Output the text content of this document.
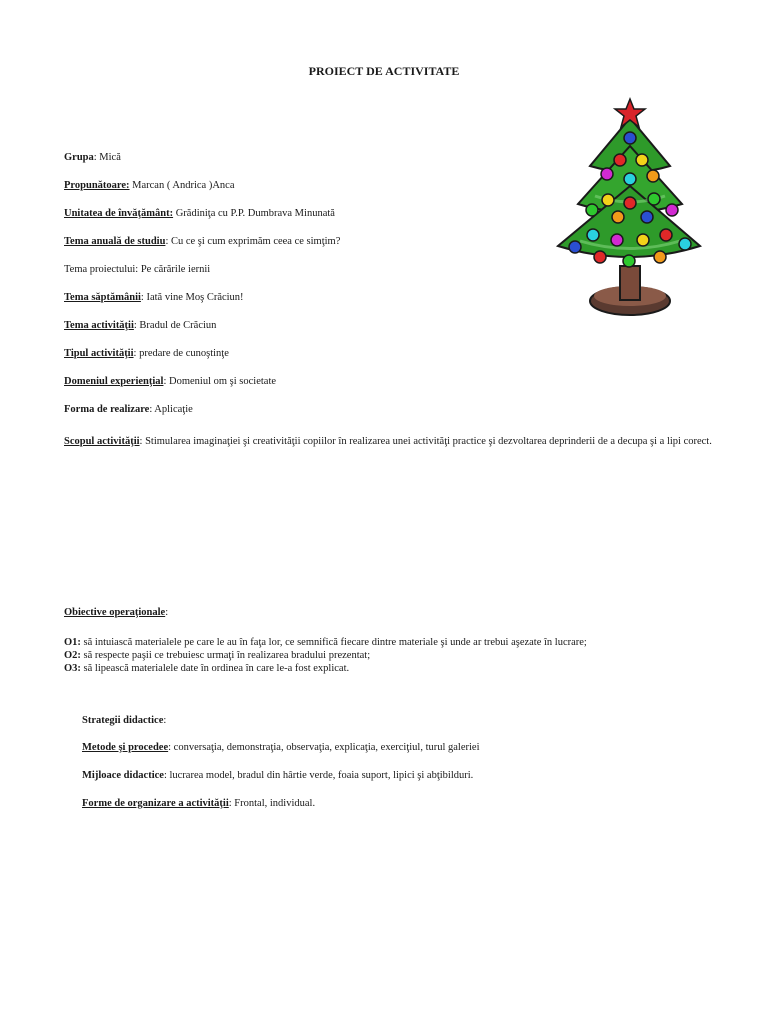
PROIECT DE ACTIVITATE
Grupa: Mică
Propunătoare: Marcan ( Andrica )Anca
Unitatea de învăţământ: Grădiniţa cu P.P. Dumbrava Minunată
Tema anuală de studiu: Cu ce şi cum exprimăm ceea ce simţim?
Tema proiectului: Pe cărările iernii
Tema săptămânii: Iată vine Moş Crăciun!
Tema activităţii: Bradul de Crăciun
Tipul activităţii: predare de cunoştinţe
Domeniul experienţial: Domeniul om şi societate
Forma de realizare: Aplicaţie
Scopul activităţii: Stimularea imaginaţiei şi creativităţii copiilor în realizarea unei activităţi practice şi dezvoltarea deprinderii de a decupa şi a lipi corect.
Obiective operaţionale:
O1: să intuiască materialele pe care le au în faţa lor, ce semnifică fiecare dintre materiale şi unde ar trebui aşezate în lucrare;
O2: să respecte paşii ce trebuiesc urmaţi în realizarea bradului prezentat;
O3: să lipească materialele date în ordinea în care le-a fost explicat.
Strategii didactice:
Metode şi procedee: conversaţia, demonstraţia, observaţia, explicaţia, exerciţiul, turul galeriei
Mijloace didactice: lucrarea model, bradul din hârtie verde, foaia suport, lipici şi abţibilduri.
Forme de organizare a activităţii: Frontal, individual.
